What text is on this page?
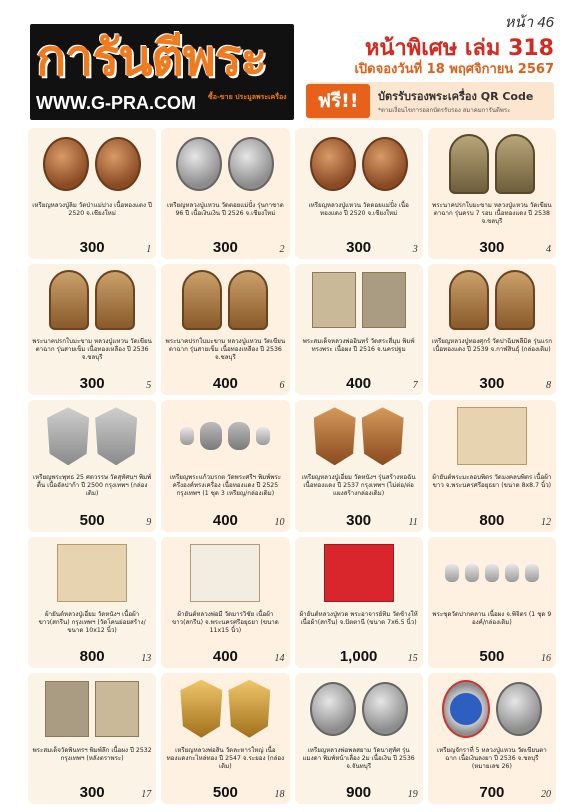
การันตีพระ
WWW.G-PRA.COM ซื้อ-ขาย ประมูลพระเครื่อง
หน้า 46
หน้าพิเศษ เล่ม 318
เปิดจองวันที่ 18 พฤศจิกายน 2567
ฟรี!!	บัตรรับรองพระเครื่อง QR Code
*ตามเงื่อนไขการออกบัตรรับรอง สมาคมการันตีพระ
เหรียญหลวงปู่ลิม วัดป่าแม่ปาง เนื้อทองแดง ปี 2520 จ.เชียงใหม่
300	1
เหรียญหลวงปู่แหวน วัดดอยแม่ปั๋ง รุ่นกาชาด 96 ปี เนื้อเงินเงิน ปี 2526 จ.เชียงใหม่
300	2
เหรียญหลวงปู่แหวน วัดดอยแม่ปั๋ง เนื้อทองแดง ปี 2520 จ.เชียงใหม่
300	3
พระนาคปรกใบมะขาม หลวงปู่แหวน วัดเขียนตาฉาก รุ่นครบ 7 รอบ เนื้อทองแดง ปี 2538 จ.ชลบุรี
300	4
พระนาคปรกใบมะขาม หลวงปู่แหวน วัดเขียนตาฉาก รุ่นสายเข็ม เนื้อทองเหลือง ปี 2536 จ.ชลบุรี
300	5
พระนาคปรกใบมะขาม หลวงปู่แหวน วัดเขียนตาฉาก รุ่นสายเข็ม เนื้อทองเหลือง ปี 2536 จ.ชลบุรี
400	6
พระสมเด็จหลวงพ่ออินทร์ วัดสระสี่มุม พิมพ์ทรงพระ เนื้อผง ปี 2516 จ.นครปฐม
400	7
เหรียญหลวงปู่ทองศุกร์ วัดปาฉิมพลีมิด รุ่นแรก เนื้อทองแดง ปี 2539 จ.กาฬสินธุ์ (กล่องเดิม)
300	8
เหรียญพระพุทธ 25 ศตวรรษ วัดสุทัศนฯ พิมพ์ตื้น เนื้ออัลปาก้า ปี 2500 กรุงเทพฯ (กล่องเดิม)
500	9
เหรียญพระแก้วมรกต วัดพระศรีฯ พิมพ์พระครึ่งองค์ทรงเครื่อง เนื้อทองแดง ปี 2525 กรุงเทพฯ (1 ชุด 3 เหรียญ/กล่องเดิม)
400	10
เหรียญหลวงปู่เอี่ยม วัดหนังฯ รุ่นสร้างหอฉัน เนื้อทองแดง ปี 2537 กรุงเทพฯ (ไม่ต่อ/ต่อแผงสร้างกล่องเดิม)
300	11
ผ้ายันต์พระมะลอบพิตร วัดมงคลบพิตร เนื้อผ้าขาว จ.พระนครศรีอยุธยา (ขนาด 8x8.7 นิ้ว)
800	12
ผ้ายันต์หลวงปู่เอี่ยม วัดหนังฯ เนื้อผ้าขาว(สกรีน) กรุงเทพฯ (วัดโคนย่อยสร้าง/ขนาด 10x12 นิ้ว)
800	13
ผ้ายันต์หลวงพ่อมี วัดมารวิชัย เนื้อผ้าขาว(สกรีน) จ.พระนครศรีอยุธยา (ขนาด 11x15 นิ้ว)
400	14
ผ้ายันต์หลวงปู่ทวด พระอาจารย์ทิม วัดช้างให้ เนื้อผ้า(สกรีน) จ.ปัตตานี (ขนาด 7x6.5 นิ้ว)
1,000	15
พระชุดวัดปากคลาน เนื้อผง จ.พิจิตร (1 ชุด 9 องค์/กล่องเดิม)
500	16
พระสมเด็จวัดพินทรฯ พิมพ์ลึก เนื้อผง ปี 2532 กรุงเทพฯ (หลังตราพระ)
300	17
เหรียญหลวงพ่อสิน วัดละหารใหญ่ เนื้อทองแดงกะไหล่ทอง ปี 2547 จ.ระยอง (กล่องเดิม)
500	18
เหรียญหลวงพ่อพลสยาม วัดนาสุทัศ รุ่นแมงดา พิมพ์หน้าเลื่อง 2ม เนื้อเงิน ปี 2536 จ.จันทบุรี
900	19
เหรียญจักราที่ 5 หลวงปู่แหวน วัดเขียนตาฉาก เนื้อเงินลงยา ปี 2536 จ.ชลบุรี (หมายเลข 26)
700	20
